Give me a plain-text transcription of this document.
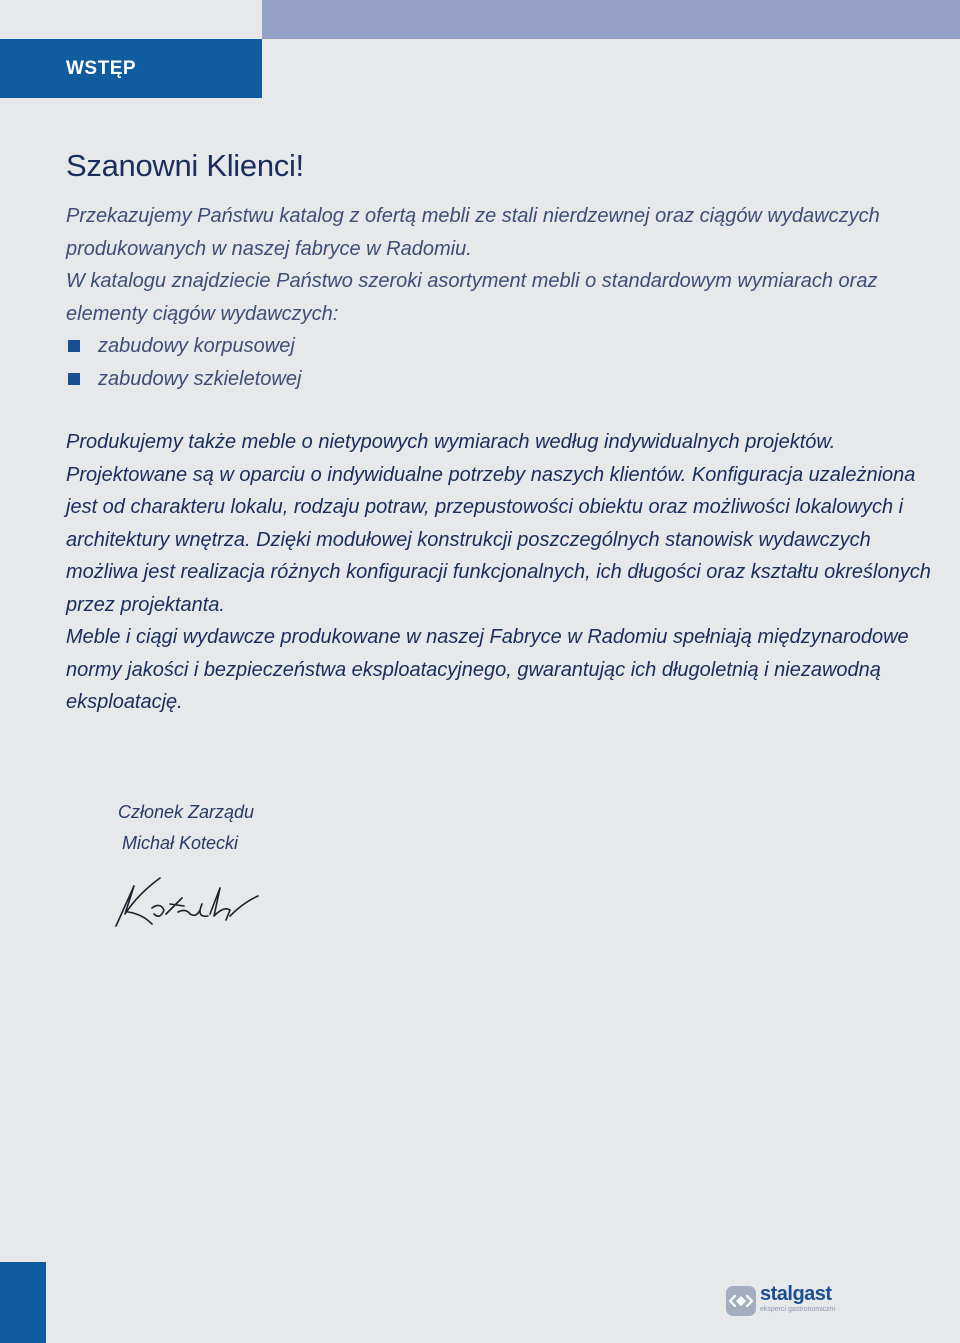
WSTĘP
Szanowni Klienci!

Przekazujemy Państwu katalog z ofertą mebli ze stali nierdzewnej oraz ciągów wydawczych produkowanych w naszej fabryce w Radomiu.

W katalogu znajdziecie Państwo szeroki asortyment mebli o standardowym wymiarach oraz elementy ciągów wydawczych:

zabudowy korpusowej
zabudowy szkieletowej

Produkujemy także meble o nietypowych wymiarach według indywidualnych projektów. Projektowane są w oparciu o indywidualne potrzeby naszych klientów. Konfiguracja uzależniona jest od charakteru lokalu, rodzaju potraw, przepustowości obiektu oraz możliwości lokalowych i architektury wnętrza. Dzięki modułowej konstrukcji poszczególnych stanowisk wydawczych możliwa jest realizacja różnych konfiguracji funkcjonalnych, ich długości oraz kształtu określonych przez projektanta.

Meble i ciągi wydawcze produkowane w naszej Fabryce w Radomiu spełniają międzynarodowe normy jakości i bezpieczeństwa eksploatacyjnego, gwarantując ich długoletnią i niezawodną eksploatację.

Członek Zarządu
Michał Kotecki
stalgast
eksperci gastronomiczni
